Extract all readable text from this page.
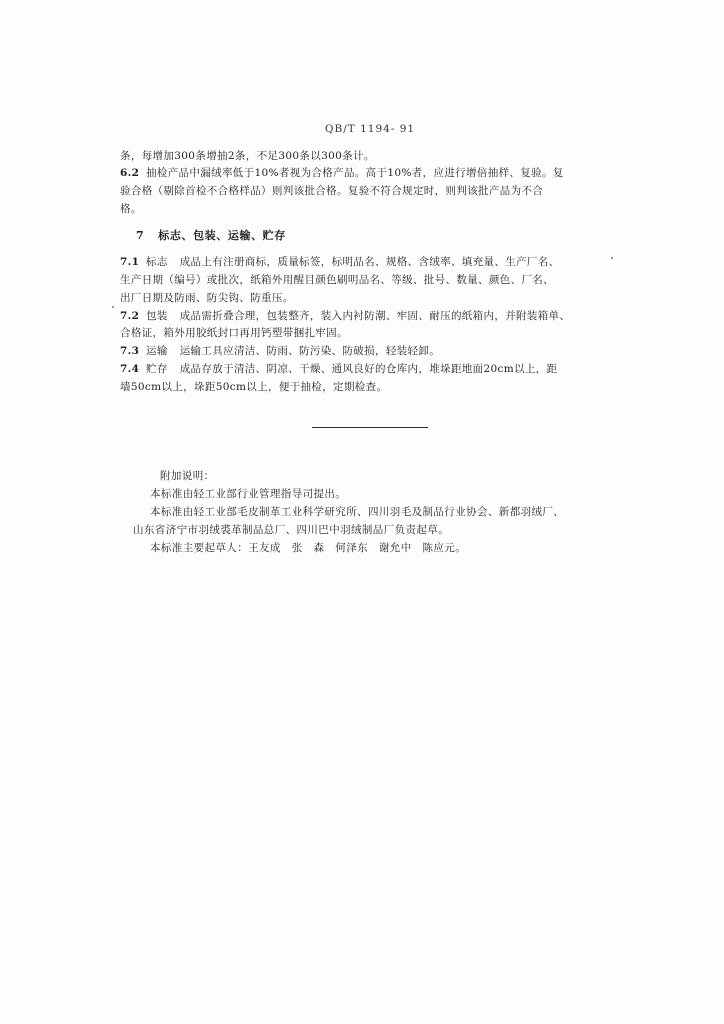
QB/T 1194- 91
条，每增加300条增抽2条，不足300条以300条计。
6.2 抽检产品中漏绒率低于10%者视为合格产品。高于10%者，应进行增倍抽样、复验。复
验合格（剔除首检不合格样品）则判该批合格。复验不符合规定时，则判该批产品为不合
格。
7 标志、包装、运输、贮存
7.1 标志 成品上有注册商标，质量标签，标明品名、规格、含绒率、填充量、生产厂名、
生产日期（编号）或批次，纸箱外用醒目颜色刷明品名、等级、批号、数量、颜色、厂名、
出厂日期及防雨、防尖钩、防重压。
7.2 包装 成品需折叠合理，包装整齐，装入内衬防潮、牢固、耐压的纸箱内，并附装箱单、
合格证，箱外用胶纸封口再用钙塑带捆扎牢固。
7.3 运输 运输工具应清洁、防雨、防污染、防破损，轻装轻卸。
7.4 贮存 成品存放于清洁、阴凉、干燥、通风良好的仓库内，堆垛距地面20cm以上，距
墙50cm以上，垛距50cm以上，便于抽检，定期检查。
附加说明：
本标准由轻工业部行业管理指导司提出。
本标准由轻工业部毛皮制革工业科学研究所、四川羽毛及制品行业协会、新都羽绒厂、
山东省济宁市羽绒裘革制品总厂、四川巴中羽绒制品厂负责起草。
本标准主要起草人：王友成　张　森　何泽东　谢允中　陈应元。
